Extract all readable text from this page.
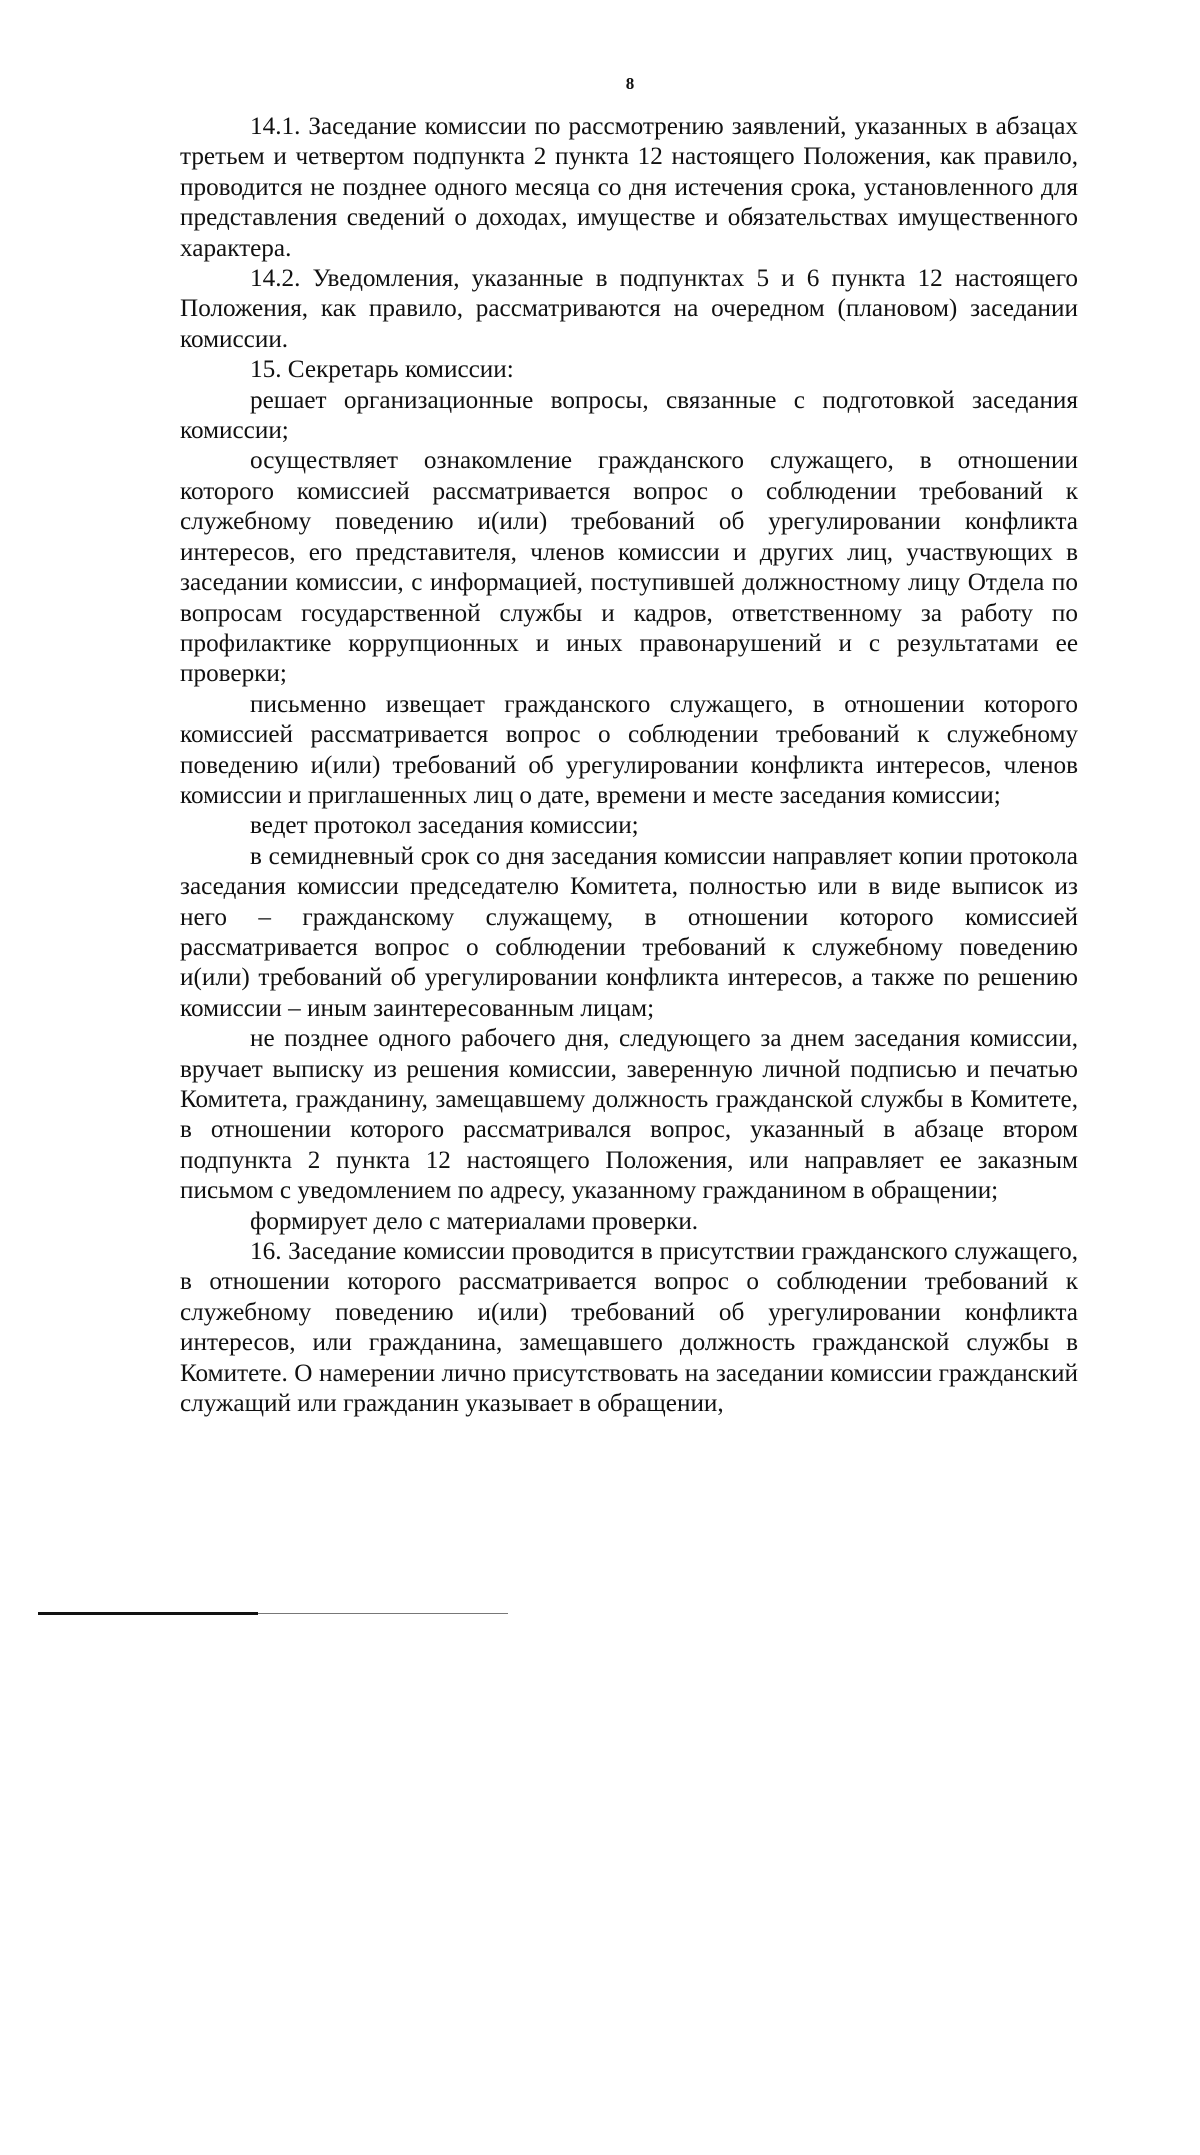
8

14.1. Заседание комиссии по рассмотрению заявлений, указанных в абзацах третьем и четвертом подпункта 2 пункта 12 настоящего Положения, как правило, проводится не позднее одного месяца со дня истечения срока, установленного для представления сведений о доходах, имуществе и обязательствах имущественного характера.

14.2. Уведомления, указанные в подпунктах 5 и 6 пункта 12 настоящего Положения, как правило, рассматриваются на очередном (плановом) заседании комиссии.

15. Секретарь комиссии:

решает организационные вопросы, связанные с подготовкой заседания комиссии;

осуществляет ознакомление гражданского служащего, в отношении которого комиссией рассматривается вопрос о соблюдении требований к служебному поведению и(или) требований об урегулировании конфликта интересов, его представителя, членов комиссии и других лиц, участвующих в заседании комиссии, с информацией, поступившей должностному лицу Отдела по вопросам государственной службы и кадров, ответственному за работу по профилактике коррупционных и иных правонарушений и с результатами ее проверки;

письменно извещает гражданского служащего, в отношении которого комиссией рассматривается вопрос о соблюдении требований к служебному поведению и(или) требований об урегулировании конфликта интересов, членов комиссии и приглашенных лиц о дате, времени и месте заседания комиссии;

ведет протокол заседания комиссии;

в семидневный срок со дня заседания комиссии направляет копии протокола заседания комиссии председателю Комитета, полностью или в виде выписок из него – гражданскому служащему, в отношении которого комиссией рассматривается вопрос о соблюдении требований к служебному поведению и(или) требований об урегулировании конфликта интересов, а также по решению комиссии – иным заинтересованным лицам;

не позднее одного рабочего дня, следующего за днем заседания комиссии, вручает выписку из решения комиссии, заверенную личной подписью и печатью Комитета, гражданину, замещавшему должность гражданской службы в Комитете, в отношении которого рассматривался вопрос, указанный в абзаце втором подпункта 2 пункта 12 настоящего Положения, или направляет ее заказным письмом с уведомлением по адресу, указанному гражданином в обращении;

формирует дело с материалами проверки.

16. Заседание комиссии проводится в присутствии гражданского служащего, в отношении которого рассматривается вопрос о соблюдении требований к служебному поведению и(или) требований об урегулировании конфликта интересов, или гражданина, замещавшего должность гражданской службы в Комитете. О намерении лично присутствовать на заседании комиссии гражданский служащий или гражданин указывает в обращении,
